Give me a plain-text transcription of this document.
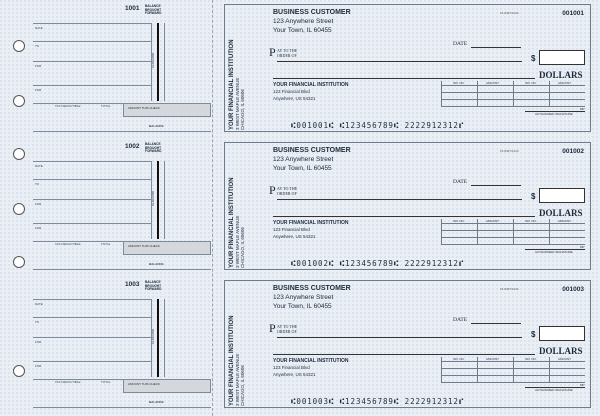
1001 BALANCE
BROUGHT
FORWARD
DATE
TO
FOR
FOR
TAX DEDUCTIBLE	TOTAL
DEPOSITS
AMOUNT THIS CHECK
BALANCE	YOUR FINANCIAL INSTITUTION 3 WEST MAPLE AVENUE CHICAGO, IL 60606
BUSINESS CUSTOMER
123 Anywhere Street
Your Town, IL 60455
15-8497/1234	001001
DATE
P AY TO THE
ORDER OF	$
DOLLARS
YOUR FINANCIAL INSTITUTION
123 Financial Blvd
Anywhere, US 54321
INV. NO.	AMOUNT	INV. NO.	AMOUNT
MP
AUTHORIZED SIGNATURE
⑆001001⑆ ⑆123456789⑆ 2222912312⑈
1002 BALANCE
BROUGHT
FORWARD
DATE
TO
FOR
FOR
TAX DEDUCTIBLE	TOTAL
DEPOSITS
AMOUNT THIS CHECK
BALANCE	YOUR FINANCIAL INSTITUTION 3 WEST MAPLE AVENUE CHICAGO, IL 60606
BUSINESS CUSTOMER
123 Anywhere Street
Your Town, IL 60455
15-8497/1234	001002
DATE
P AY TO THE
ORDER OF	$
DOLLARS
YOUR FINANCIAL INSTITUTION
123 Financial Blvd
Anywhere, US 54321
INV. NO.	AMOUNT	INV. NO.	AMOUNT
MP
AUTHORIZED SIGNATURE
⑆001002⑆ ⑆123456789⑆ 2222912312⑈
1003 BALANCE
BROUGHT
FORWARD
DATE
TO
FOR
FOR
TAX DEDUCTIBLE	TOTAL
DEPOSITS
AMOUNT THIS CHECK
BALANCE	YOUR FINANCIAL INSTITUTION 3 WEST MAPLE AVENUE CHICAGO, IL 60606
BUSINESS CUSTOMER
123 Anywhere Street
Your Town, IL 60455
15-8497/1234	001003
DATE
P AY TO THE
ORDER OF	$
DOLLARS
YOUR FINANCIAL INSTITUTION
123 Financial Blvd
Anywhere, US 54321
INV. NO.	AMOUNT	INV. NO.	AMOUNT
MP
AUTHORIZED SIGNATURE
⑆001003⑆ ⑆123456789⑆ 2222912312⑈
